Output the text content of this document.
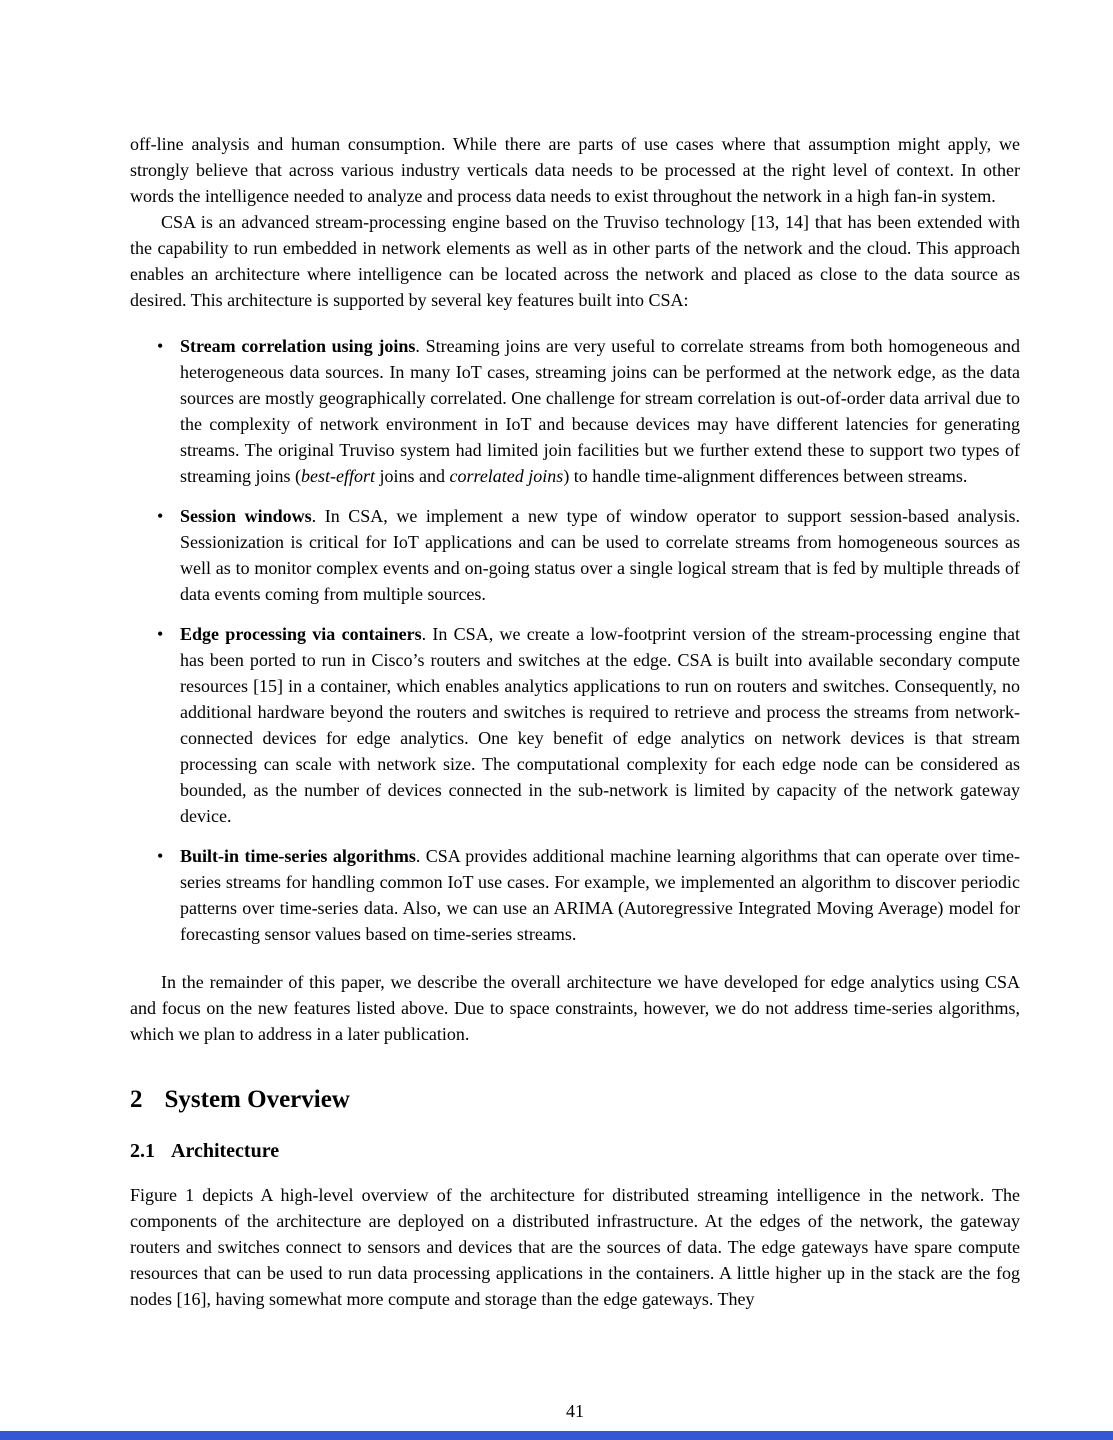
off-line analysis and human consumption. While there are parts of use cases where that assumption might apply, we strongly believe that across various industry verticals data needs to be processed at the right level of context. In other words the intelligence needed to analyze and process data needs to exist throughout the network in a high fan-in system.

CSA is an advanced stream-processing engine based on the Truviso technology [13, 14] that has been extended with the capability to run embedded in network elements as well as in other parts of the network and the cloud. This approach enables an architecture where intelligence can be located across the network and placed as close to the data source as desired. This architecture is supported by several key features built into CSA:

• Stream correlation using joins. Streaming joins are very useful to correlate streams from both homogeneous and heterogeneous data sources. In many IoT cases, streaming joins can be performed at the network edge, as the data sources are mostly geographically correlated. One challenge for stream correlation is out-of-order data arrival due to the complexity of network environment in IoT and because devices may have different latencies for generating streams. The original Truviso system had limited join facilities but we further extend these to support two types of streaming joins (best-effort joins and correlated joins) to handle time-alignment differences between streams.
• Session windows. In CSA, we implement a new type of window operator to support session-based analysis. Sessionization is critical for IoT applications and can be used to correlate streams from homogeneous sources as well as to monitor complex events and on-going status over a single logical stream that is fed by multiple threads of data events coming from multiple sources.
• Edge processing via containers. In CSA, we create a low-footprint version of the stream-processing engine that has been ported to run in Cisco’s routers and switches at the edge. CSA is built into available secondary compute resources [15] in a container, which enables analytics applications to run on routers and switches. Consequently, no additional hardware beyond the routers and switches is required to retrieve and process the streams from network-connected devices for edge analytics. One key benefit of edge analytics on network devices is that stream processing can scale with network size. The computational complexity for each edge node can be considered as bounded, as the number of devices connected in the sub-network is limited by capacity of the network gateway device.
• Built-in time-series algorithms. CSA provides additional machine learning algorithms that can operate over time-series streams for handling common IoT use cases. For example, we implemented an algorithm to discover periodic patterns over time-series data. Also, we can use an ARIMA (Autoregressive Integrated Moving Average) model for forecasting sensor values based on time-series streams.

In the remainder of this paper, we describe the overall architecture we have developed for edge analytics using CSA and focus on the new features listed above. Due to space constraints, however, we do not address time-series algorithms, which we plan to address in a later publication.

2 System Overview
2.1 Architecture

Figure 1 depicts A high-level overview of the architecture for distributed streaming intelligence in the network. The components of the architecture are deployed on a distributed infrastructure. At the edges of the network, the gateway routers and switches connect to sensors and devices that are the sources of data. The edge gateways have spare compute resources that can be used to run data processing applications in the containers. A little higher up in the stack are the fog nodes [16], having somewhat more compute and storage than the edge gateways. They

41
